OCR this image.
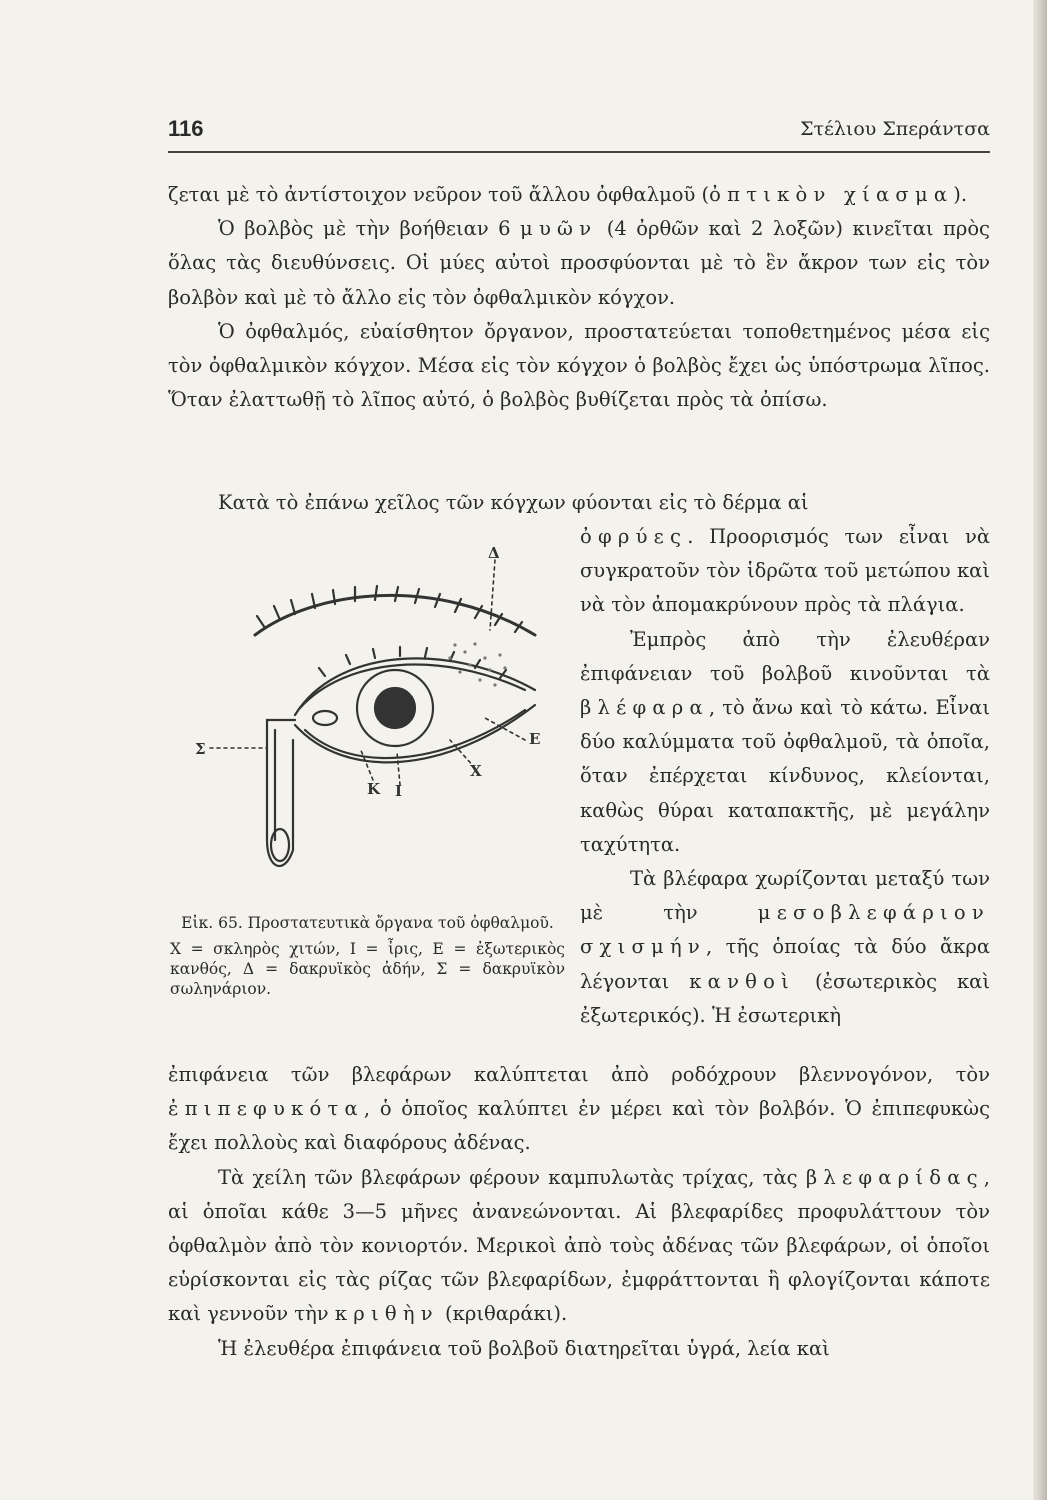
116	Στέλιου Σπεράντσα

ζεται μὲ τὸ ἀντίστοιχον νεῦρον τοῦ ἄλλου ὀφθαλμοῦ (ὀπτικὸν χίασμα).

Ὁ βολβὸς μὲ τὴν βοήθειαν 6 μυῶν (4 ὀρθῶν καὶ 2 λοξῶν) κινεῖται πρὸς ὅλας τὰς διευθύνσεις. Οἱ μύες αὐτοὶ προσφύονται μὲ τὸ ἓν ἄκρον των εἰς τὸν βολβὸν καὶ μὲ τὸ ἄλλο εἰς τὸν ὀφθαλμικὸν κόγχον.

Ὁ ὀφθαλμός, εὐαίσθητον ὄργανον, προστατεύεται τοποθετημένος μέσα εἰς τὸν ὀφθαλμικὸν κόγχον. Μέσα εἰς τὸν κόγχον ὁ βολβὸς ἔχει ὡς ὑπόστρωμα λῖπος. Ὅταν ἐλαττωθῇ τὸ λῖπος αὐτό, ὁ βολβὸς βυθίζεται πρὸς τὰ ὀπίσω.

Κατὰ τὸ ἐπάνω χεῖλος τῶν κόγχων φύονται εἰς τὸ δέρμα αἱ

ὀφρύες. Προορισμός των εἶναι νὰ συγκρατοῦν τὸν ἱδρῶτα τοῦ μετώπου καὶ νὰ τὸν ἀπομακρύνουν πρὸς τὰ πλάγια.

Ἐμπρὸς ἀπὸ τὴν ἐλευθέραν ἐπιφάνειαν τοῦ βολβοῦ κινοῦνται τὰ βλέφαρα, τὸ ἄνω καὶ τὸ κάτω. Εἶναι δύο καλύμματα τοῦ ὀφθαλμοῦ, τὰ ὁποῖα, ὅταν ἐπέρχεται κίνδυνος, κλείονται, καθὼς θύραι καταπακτῆς, μὲ μεγάλην ταχύτητα.

Τὰ βλέφαρα χωρίζονται μεταξύ των μὲ τὴν μεσοβλεφάριον σχισμήν, τῆς ὁποίας τὰ δύο ἄκρα λέγονται κανθοὶ (ἐσωτερικὸς καὶ ἐξωτερικός). Ἡ ἐσωτερικὴ

Δ
Σ
Κ Ι
Χ
Ε
Εἰκ. 65. Προστατευτικὰ ὄργανα τοῦ ὀφθαλμοῦ.
Χ = σκληρὸς χιτών, Ι = ἶρις, Ε = ἐξωτερικὸς κανθός, Δ = δακρυϊκὸς ἀδήν, Σ = δακρυϊκὸν σωληνάριον.

ἐπιφάνεια τῶν βλεφάρων καλύπτεται ἀπὸ ροδόχρουν βλεννογόνον, τὸν ἐπιπεφυκότα, ὁ ὁποῖος καλύπτει ἐν μέρει καὶ τὸν βολβόν. Ὁ ἐπιπεφυκὼς ἔχει πολλοὺς καὶ διαφόρους ἀδένας.

Τὰ χείλη τῶν βλεφάρων φέρουν καμπυλωτὰς τρίχας, τὰς βλεφαρίδας, αἱ ὁποῖαι κάθε 3—5 μῆνες ἀνανεώνονται. Αἱ βλεφαρίδες προφυλάττουν τὸν ὀφθαλμὸν ἀπὸ τὸν κονιορτόν. Μερικοὶ ἀπὸ τοὺς ἀδένας τῶν βλεφάρων, οἱ ὁποῖοι εὑρίσκονται εἰς τὰς ρίζας τῶν βλεφαρίδων, ἐμφράττονται ἢ φλογίζονται κάποτε καὶ γεννοῦν τὴν κριθὴν (κριθαράκι).

Ἡ ἐλευθέρα ἐπιφάνεια τοῦ βολβοῦ διατηρεῖται ὑγρά, λεία καὶ
